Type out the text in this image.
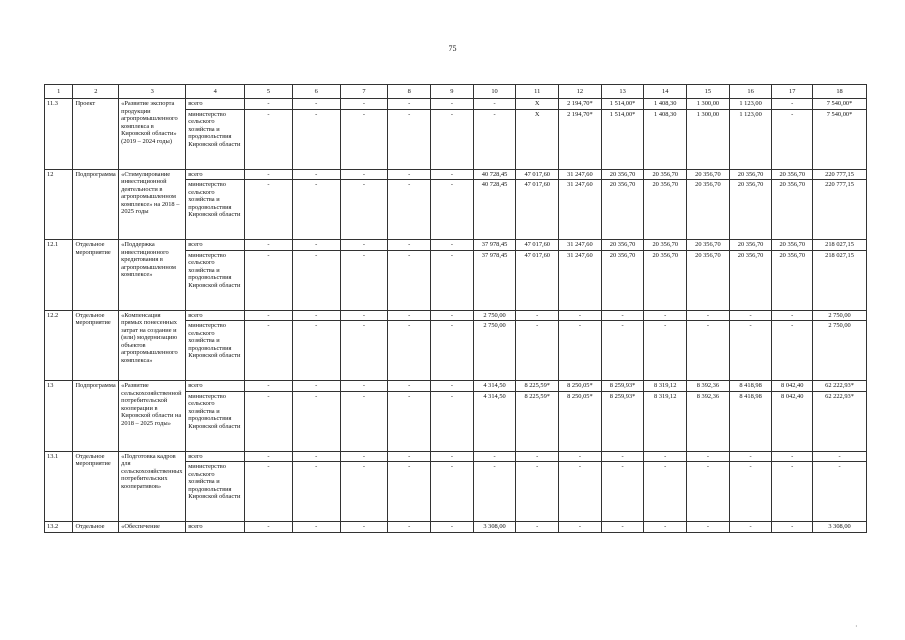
75
1	2	3	4	5	6	7	8	9	10	11	12	13	14	15	16	17	18
11.3	Проект	«Развитие экспорта продукции агропромышленного комплекса в Кировской области» (2019 – 2024 годы)	всего	-	-	-	-	-	-	X	2 194,70*	1 514,00*	1 408,30	1 300,00	1 123,00	-	7 540,00*
			министерство сельского хозяйства и продовольствия Кировской области	-	-	-	-	-	-	X	2 194,70*	1 514,00*	1 408,30	1 300,00	1 123,00	-	7 540,00*
12	Подпрограмма	«Стимулирование инвестиционной деятельности в агропромышленном комплексе» на 2018 – 2025 годы	всего	-	-	-	-	-	40 728,45	47 017,60	31 247,60	20 356,70	20 356,70	20 356,70	20 356,70	20 356,70	220 777,15
			министерство сельского хозяйства и продовольствия Кировской области	-	-	-	-	-	40 728,45	47 017,60	31 247,60	20 356,70	20 356,70	20 356,70	20 356,70	20 356,70	220 777,15
12.1	Отдельное мероприятие	«Поддержка инвестиционного кредитования в агропромышленном комплексе»	всего	-	-	-	-	-	37 978,45	47 017,60	31 247,60	20 356,70	20 356,70	20 356,70	20 356,70	20 356,70	218 027,15
			министерство сельского хозяйства и продовольствия Кировской области	-	-	-	-	-	37 978,45	47 017,60	31 247,60	20 356,70	20 356,70	20 356,70	20 356,70	20 356,70	218 027,15
12.2	Отдельное мероприятие	«Компенсация прямых понесенных затрат на создание и (или) модернизацию объектов агропромышленного комплекса»	всего	-	-	-	-	-	2 750,00	-	-	-	-	-	-	-	2 750,00
			министерство сельского хозяйства и продовольствия Кировской области	-	-	-	-	-	2 750,00	-	-	-	-	-	-	-	2 750,00
13	Подпрограмма	«Развитие сельскохозяйственной потребительской кооперации в Кировской области на 2018 – 2025 годы»	всего	-	-	-	-	-	4 314,50	8 225,59*	8 250,05*	8 259,93*	8 319,12	8 392,36	8 418,98	8 042,40	62 222,93*
			министерство сельского хозяйства и продовольствия Кировской области	-	-	-	-	-	4 314,50	8 225,59*	8 250,05*	8 259,93*	8 319,12	8 392,36	8 418,98	8 042,40	62 222,93*
13.1	Отдельное мероприятие	«Подготовка кадров для сельскохозяйственных потребительских кооперативов»	всего	-	-	-	-	-	-	-	-	-	-	-	-	-	-
			министерство сельского хозяйства и продовольствия Кировской области	-	-	-	-	-	-	-	-	-	-	-	-	-	-
13.2	Отдельное	«Обеспечение	всего	-	-	-	-	-	3 308,00	-	-	-	-	-	-	-	3 308,00
·
